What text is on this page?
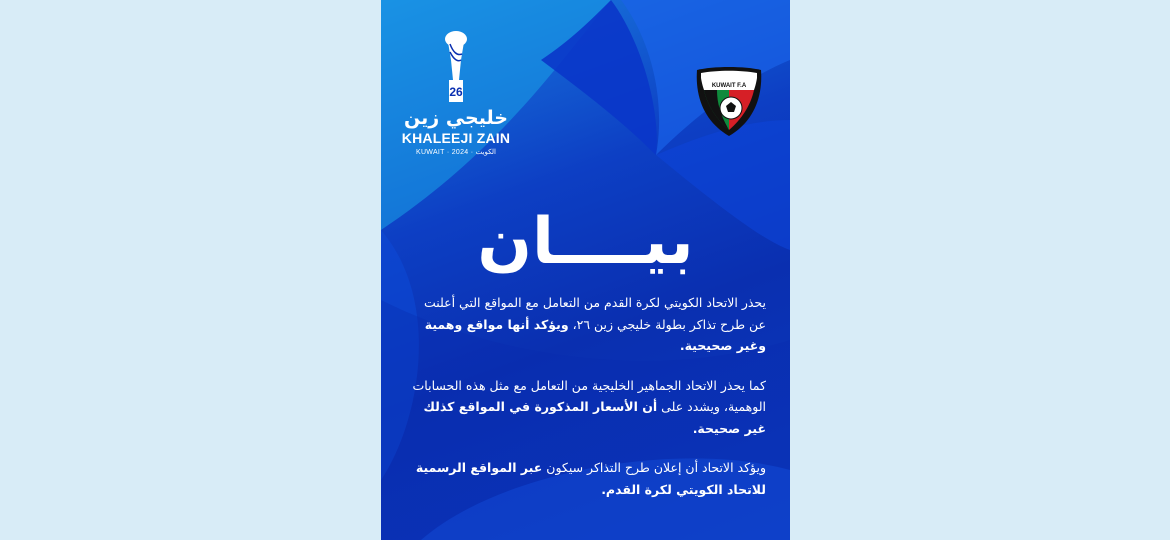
26
خليجي زين
KHALEEJI ZAIN
KUWAIT · 2024 · الكويت
KUWAIT F.A
بيــــان

يحذر الاتحاد الكويتي لكرة القدم من التعامل مع المواقع التي أعلنت عن طرح تذاكر بطولة خليجي زين ٢٦، ويؤكد أنها مواقع وهمية وغير صحيحية.

كما يحذر الاتحاد الجماهير الخليجية من التعامل مع مثل هذه الحسابات الوهمية، ويشدد على أن الأسعار المذكورة في المواقع كذلك غير صحيحة.

ويؤكد الاتحاد أن إعلان طرح التذاكر سيكون عبر المواقع الرسمية للاتحاد الكويتي لكرة القدم.
